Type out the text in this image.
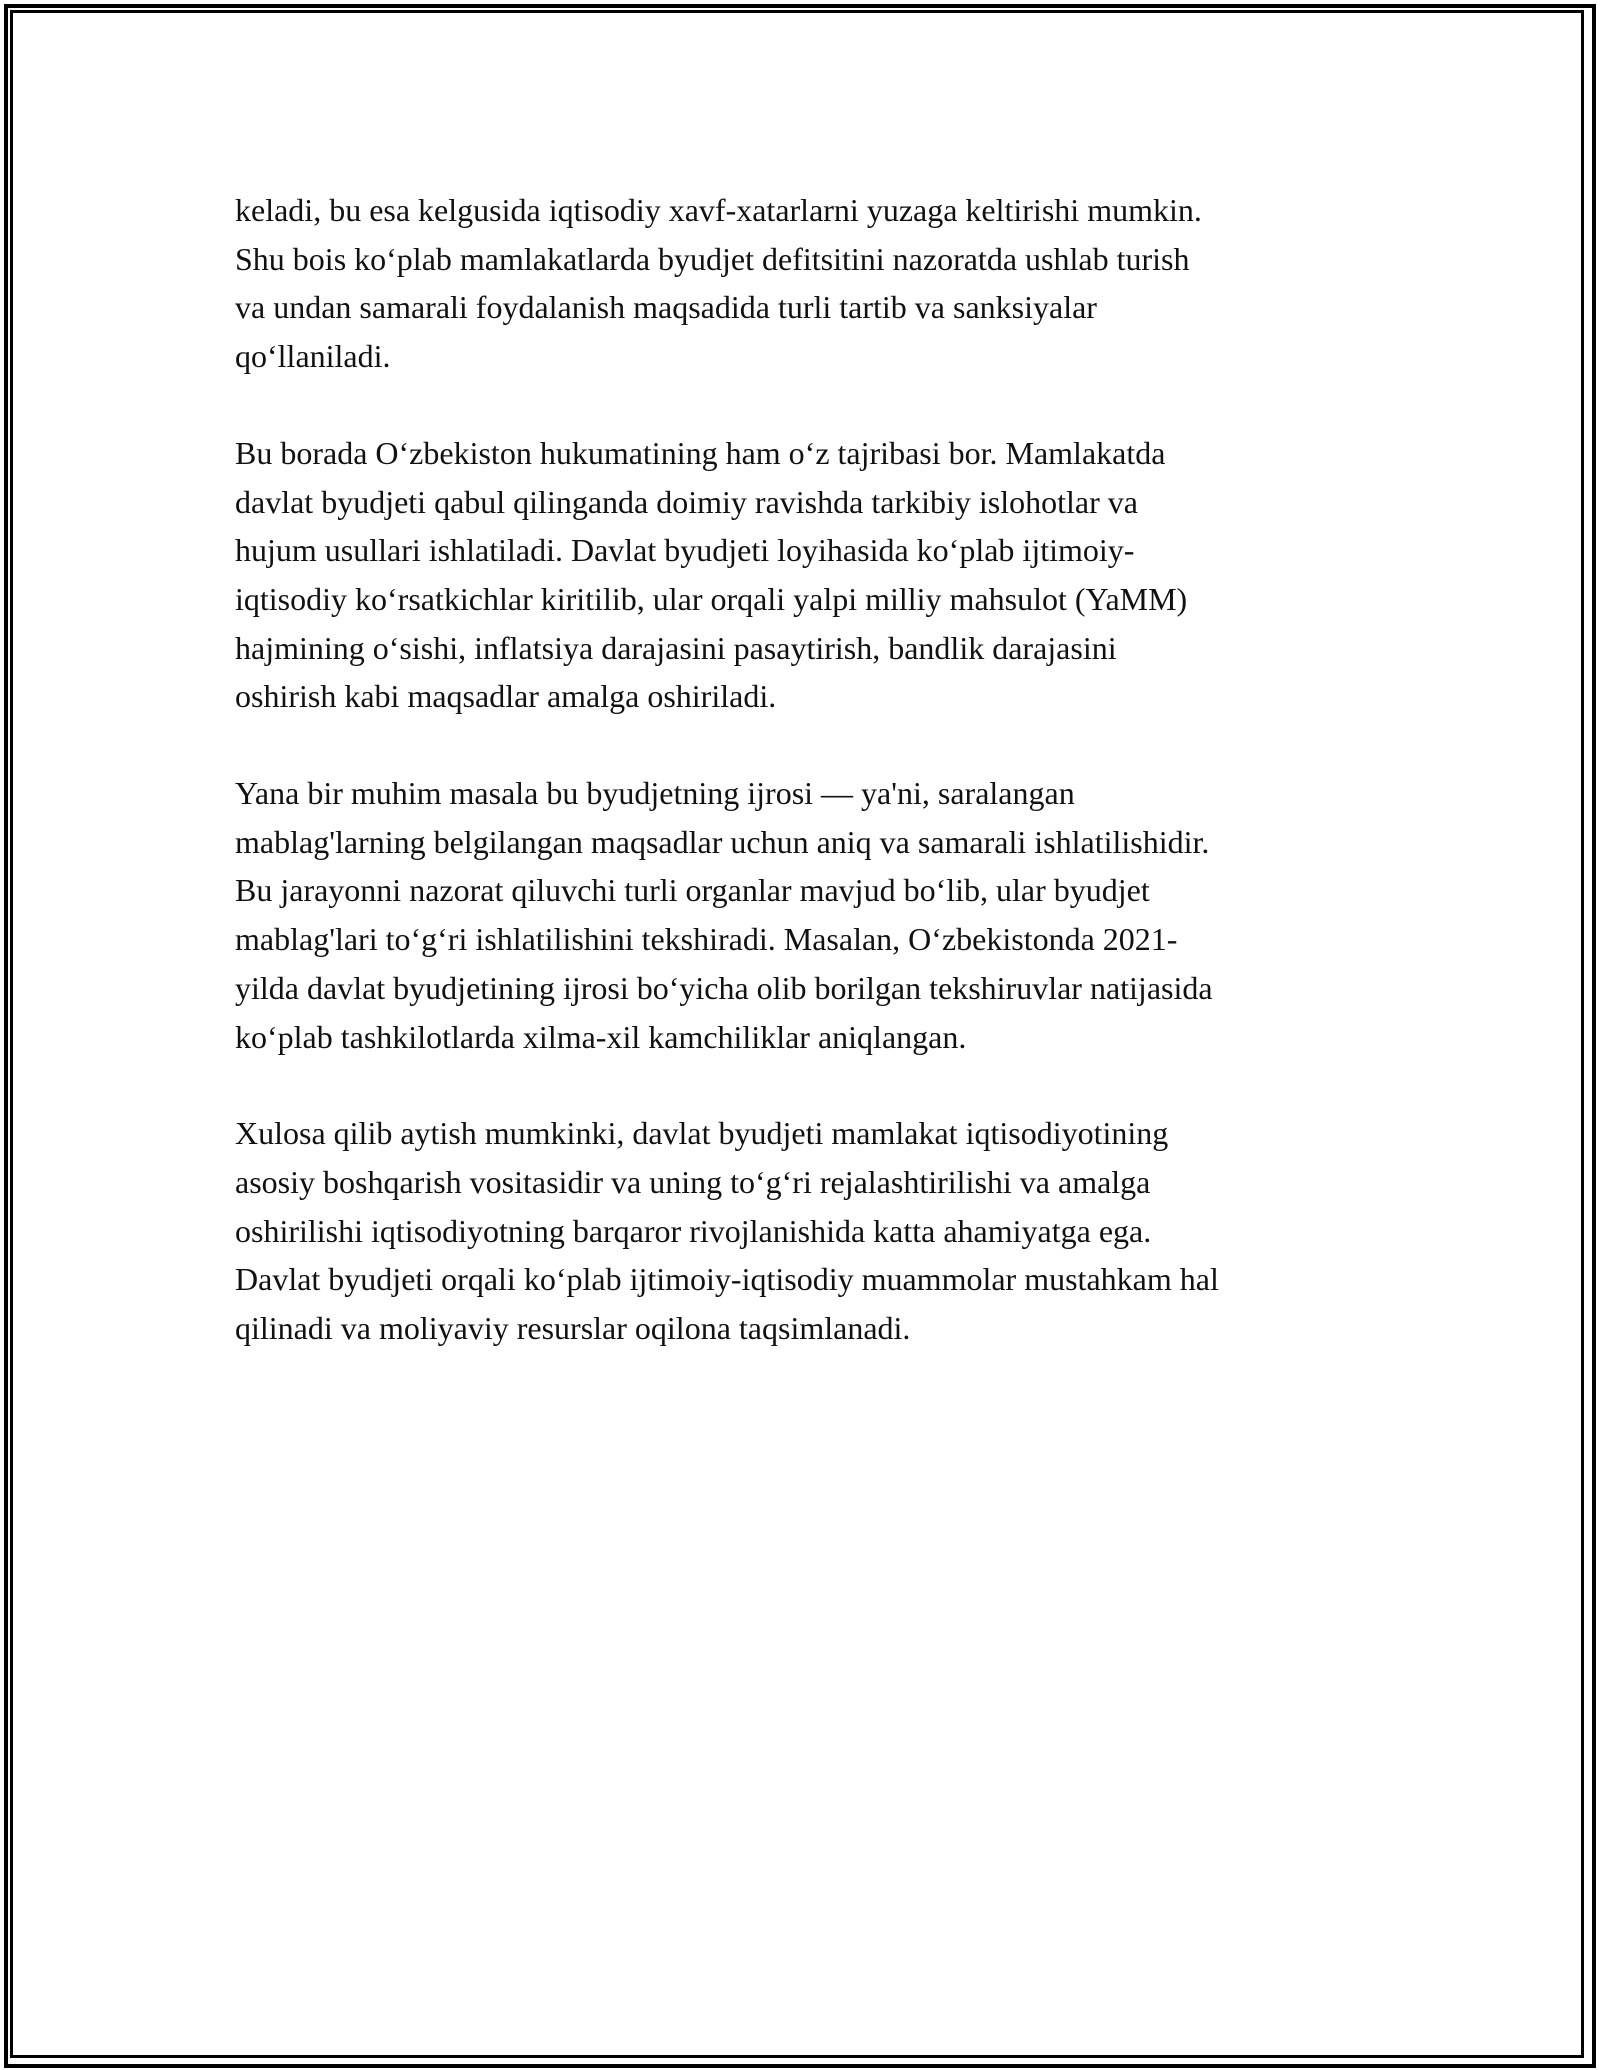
keladi, bu esa kelgusida iqtisodiy xavf-xatarlarni yuzaga keltirishi mumkin.
Shu bois ko‘plab mamlakatlarda byudjet defitsitini nazoratda ushlab turish
va undan samarali foydalanish maqsadida turli tartib va sanksiyalar
qo‘llaniladi.

Bu borada O‘zbekiston hukumatining ham o‘z tajribasi bor. Mamlakatda
davlat byudjeti qabul qilinganda doimiy ravishda tarkibiy islohotlar va
hujum usullari ishlatiladi. Davlat byudjeti loyihasida ko‘plab ijtimoiy-
iqtisodiy ko‘rsatkichlar kiritilib, ular orqali yalpi milliy mahsulot (YaMM)
hajmining o‘sishi, inflatsiya darajasini pasaytirish, bandlik darajasini
oshirish kabi maqsadlar amalga oshiriladi.

Yana bir muhim masala bu byudjetning ijrosi — ya'ni, saralangan
mablag'larning belgilangan maqsadlar uchun aniq va samarali ishlatilishidir.
Bu jarayonni nazorat qiluvchi turli organlar mavjud bo‘lib, ular byudjet
mablag'lari to‘g‘ri ishlatilishini tekshiradi. Masalan, O‘zbekistonda 2021-
yilda davlat byudjetining ijrosi bo‘yicha olib borilgan tekshiruvlar natijasida
ko‘plab tashkilotlarda xilma-xil kamchiliklar aniqlangan.

Xulosa qilib aytish mumkinki, davlat byudjeti mamlakat iqtisodiyotining
asosiy boshqarish vositasidir va uning to‘g‘ri rejalashtirilishi va amalga
oshirilishi iqtisodiyotning barqaror rivojlanishida katta ahamiyatga ega.
Davlat byudjeti orqali ko‘plab ijtimoiy-iqtisodiy muammolar mustahkam hal
qilinadi va moliyaviy resurslar oqilona taqsimlanadi.
